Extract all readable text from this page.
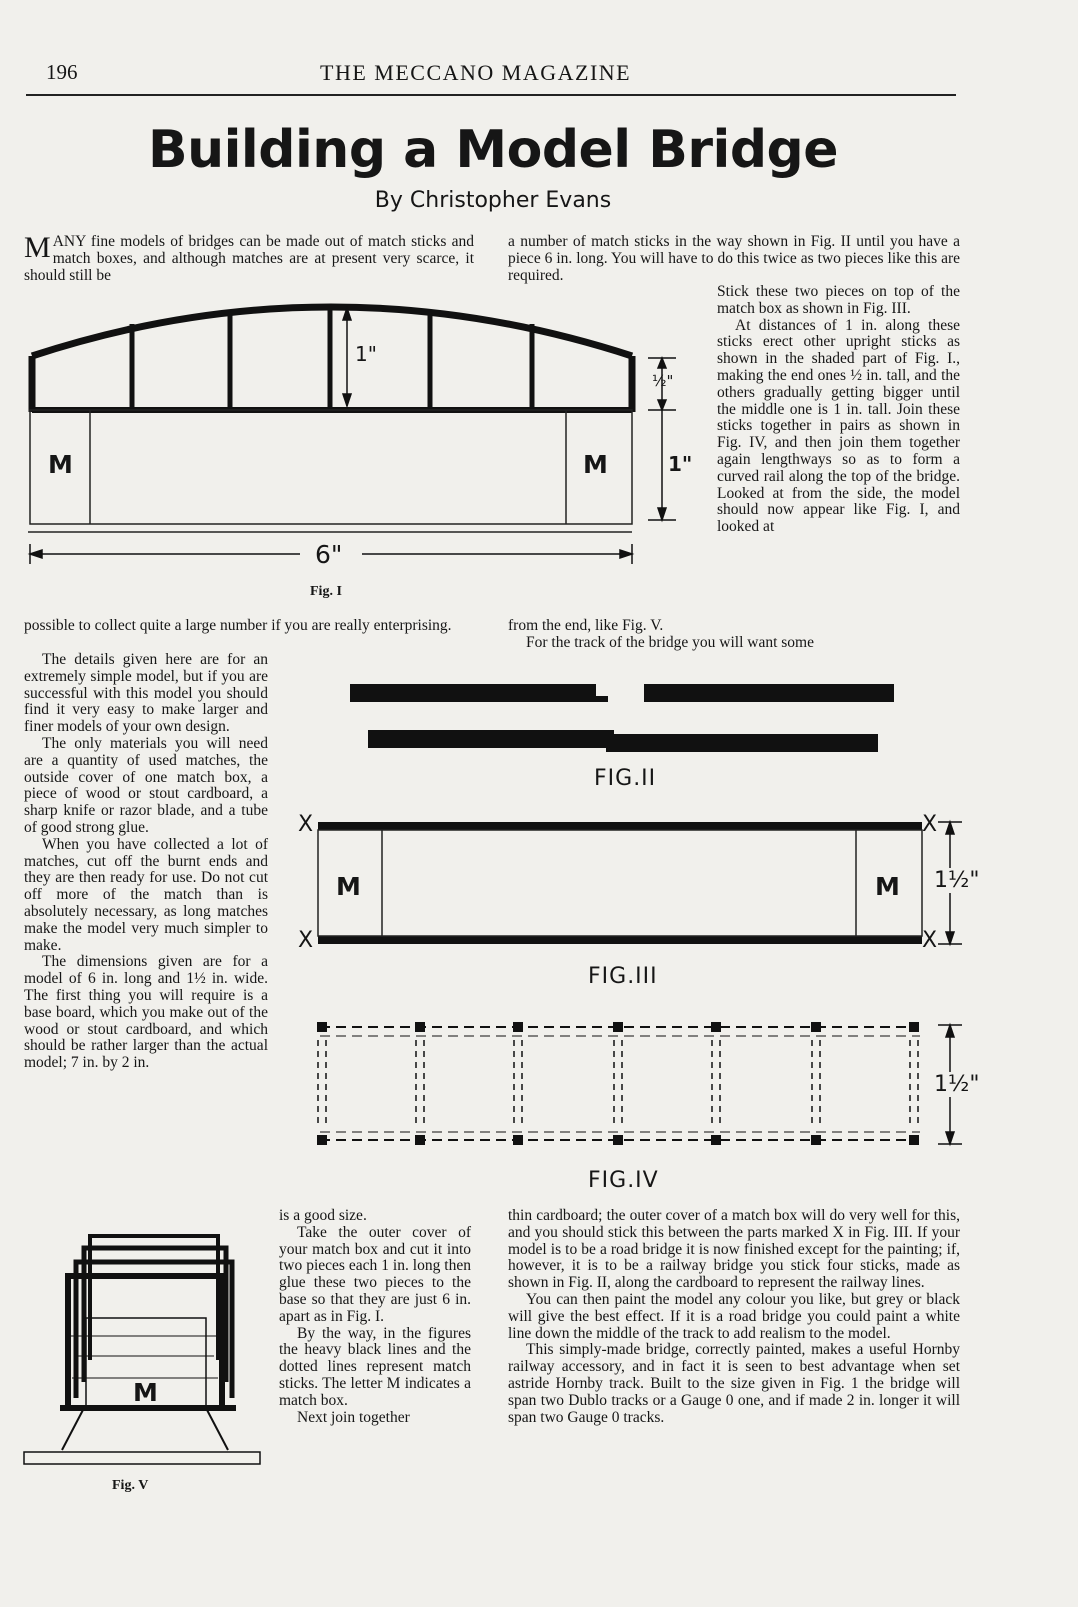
196	THE MECCANO MAGAZINE
Building a Model Bridge
By Christopher Evans

MANY fine models of bridges can be made out of match sticks and match boxes, and although matches are at present very scarce, it should still be

a number of match sticks in the way shown in Fig. II until you have a piece 6 in. long. You will have to do this twice as two pieces like this are required.

Stick these two pieces on top of the match box as shown in Fig. III.

At distances of 1 in. along these sticks erect other upright sticks as shown in the shaded part of Fig. I., making the end ones ½ in. tall, and the others gradually getting bigger until the middle one is 1 in. tall. Join these sticks together in pairs as shown in Fig. IV, and then join them together again lengthways so as to form a curved rail along the top of the bridge. Looked at from the side, the model should now appear like Fig. I, and looked at

from the end, like Fig. V.

For the track of the bridge you will want some

possible to collect quite a large number if you are really enterprising.

The details given here are for an extremely simple model, but if you are successful with this model you should find it very easy to make larger and finer models of your own design.

The only materials you will need are a quantity of used matches, the outside cover of one match box, a piece of wood or stout cardboard, a sharp knife or razor blade, and a tube of good strong glue.

When you have collected a lot of matches, cut off the burnt ends and they are then ready for use. Do not cut off more of the match than is absolutely necessary, as long matches make the model very much simpler to make.

The dimensions given are for a model of 6 in. long and 1½ in. wide. The first thing you will require is a base board, which you make out of the wood or stout cardboard, and which should be rather larger than the actual model; 7 in. by 2 in.

is a good size.

Take the outer cover of your match box and cut it into two pieces each 1 in. long then glue these two pieces to the base so that they are just 6 in. apart as in Fig. I.

By the way, in the figures the heavy black lines and the dotted lines represent match sticks. The letter M indicates a match box.

Next join together

thin cardboard; the outer cover of a match box will do very well for this, and you should stick this between the parts marked X in Fig. III. If your model is to be a road bridge it is now finished except for the painting; if, however, it is to be a railway bridge you stick four sticks, made as shown in Fig. II, along the cardboard to represent the railway lines.

You can then paint the model any colour you like, but grey or black will give the best effect. If it is a road bridge you could paint a white line down the middle of the track to add realism to the model.

This simply-made bridge, correctly painted, makes a useful Hornby railway accessory, and in fact it is seen to best advantage when set astride Hornby track. Built to the size given in Fig. 1 the bridge will span two Dublo tracks or a Gauge 0 one, and if made 2 in. longer it will span two Gauge 0 tracks.

M	M
1"
½"
1"
6"
Fig. I
FIG.II
M	M
X
X
X
X
1½"
FIG.III
1½"
FIG.IV
M
Fig. V
